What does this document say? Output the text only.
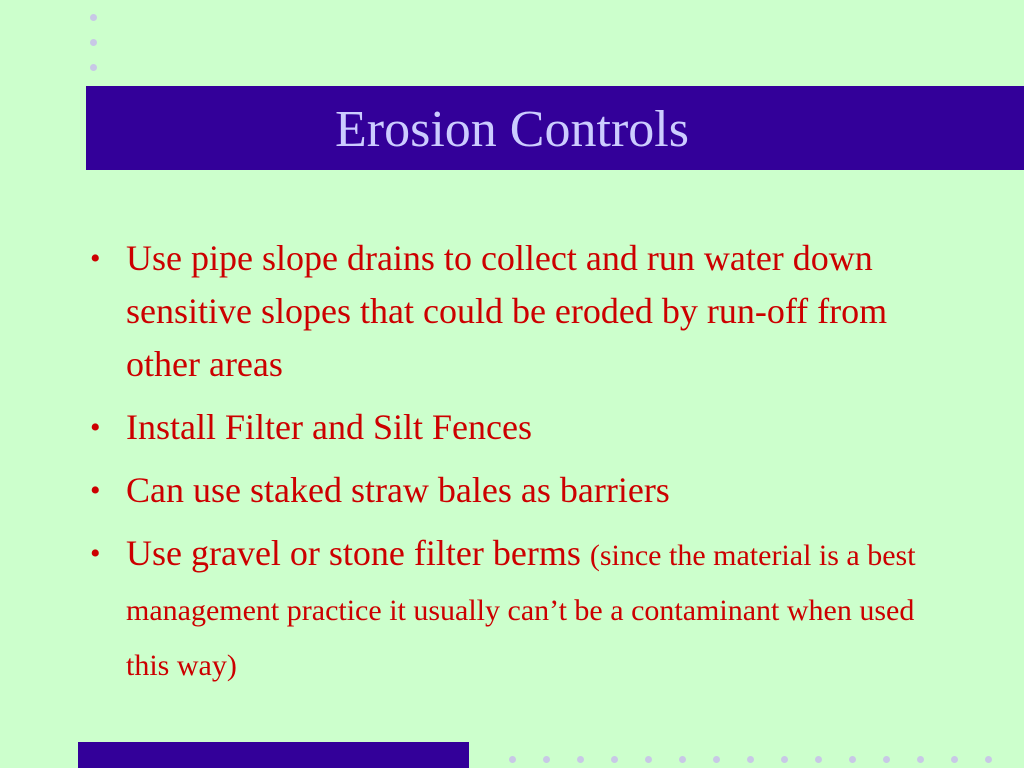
Erosion Controls
• Use pipe slope drains to collect and run water down sensitive slopes that could be eroded by run-off from other areas
• Install Filter and Silt Fences
• Can use staked straw bales as barriers
• Use gravel or stone filter berms (since the material is a best management practice it usually can’t be a contaminant when used this way)
